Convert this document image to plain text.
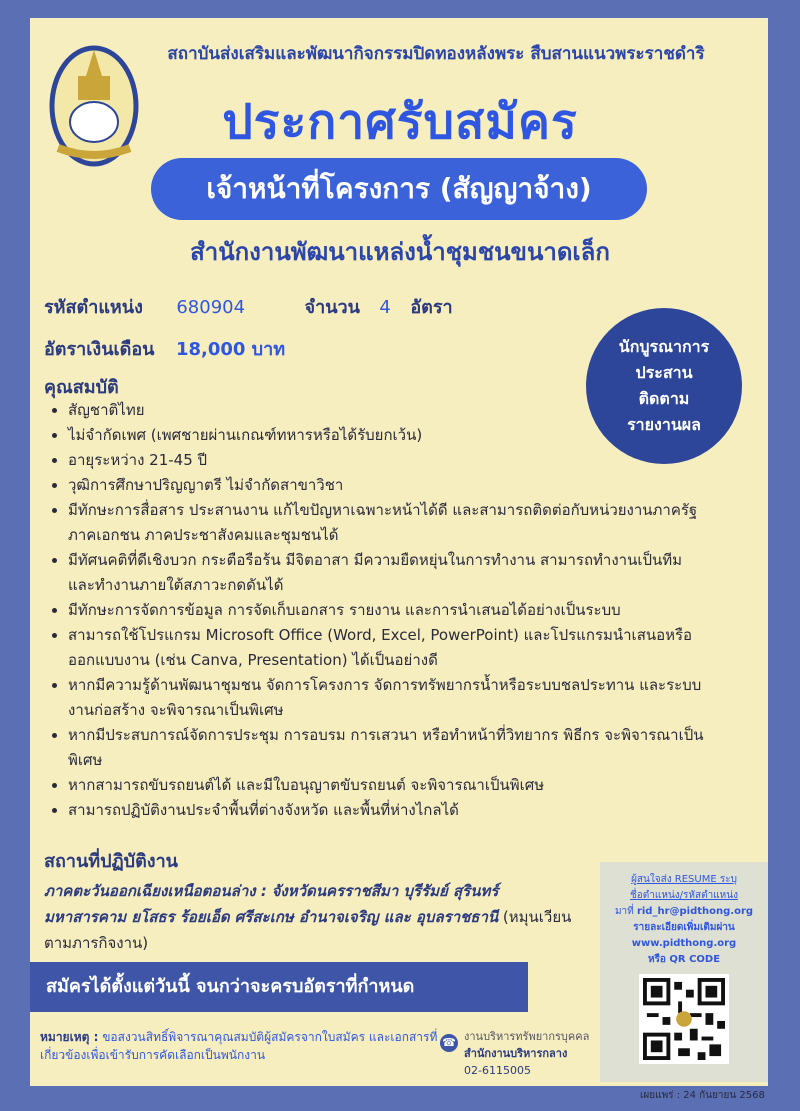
สถาบันส่งเสริมและพัฒนากิจกรรมปิดทองหลังพระ สืบสานแนวพระราชดำริ
ประกาศรับสมัคร
เจ้าหน้าที่โครงการ (สัญญาจ้าง)
สำนักงานพัฒนาแหล่งน้ำชุมชนขนาดเล็ก
รหัสตำแหน่ง 680904	จำนวน 4 อัตรา
อัตราเงินเดือน 18,000 บาท	นักบูรณาการ
ประสาน
ติดตาม
รายงานผล
คุณสมบัติ
• สัญชาติไทย
• ไม่จำกัดเพศ (เพศชายผ่านเกณฑ์ทหารหรือได้รับยกเว้น)
• อายุระหว่าง 21-45 ปี
• วุฒิการศึกษาปริญญาตรี ไม่จำกัดสาขาวิชา
• มีทักษะการสื่อสาร ประสานงาน แก้ไขปัญหาเฉพาะหน้าได้ดี และสามารถติดต่อกับหน่วยงานภาครัฐ ภาคเอกชน ภาคประชาสังคมและชุมชนได้
• มีทัศนคติที่ดีเชิงบวก กระตือรือร้น มีจิตอาสา มีความยืดหยุ่นในการทำงาน สามารถทำงานเป็นทีมและทำงานภายใต้สภาวะกดดันได้
• มีทักษะการจัดการข้อมูล การจัดเก็บเอกสาร รายงาน และการนำเสนอได้อย่างเป็นระบบ
• สามารถใช้โปรแกรม Microsoft Office (Word, Excel, PowerPoint) และโปรแกรมนำเสนอหรือออกแบบงาน (เช่น Canva, Presentation) ได้เป็นอย่างดี
• หากมีความรู้ด้านพัฒนาชุมชน จัดการโครงการ จัดการทรัพยากรน้ำหรือระบบชลประทาน และระบบงานก่อสร้าง จะพิจารณาเป็นพิเศษ
• หากมีประสบการณ์จัดการประชุม การอบรม การเสวนา หรือทำหน้าที่วิทยากร พิธีกร จะพิจารณาเป็นพิเศษ
• หากสามารถขับรถยนต์ได้ และมีใบอนุญาตขับรถยนต์ จะพิจารณาเป็นพิเศษ
• สามารถปฏิบัติงานประจำพื้นที่ต่างจังหวัด และพื้นที่ห่างไกลได้
สถานที่ปฏิบัติงาน
ภาคตะวันออกเฉียงเหนือตอนล่าง : จังหวัดนครราชสีมา บุรีรัมย์ สุรินทร์ มหาสารคาม ยโสธร ร้อยเอ็ด ศรีสะเกษ อำนาจเจริญ และ อุบลราชธานี (หมุนเวียนตามภารกิจงาน)
สมัครได้ตั้งแต่วันนี้ จนกว่าจะครบอัตราที่กำหนด
ผู้สนใจส่ง RESUME ระบุ
ชื่อตำแหน่ง/รหัสตำแหน่ง
มาที่ rid_hr@pidthong.org
รายละเอียดเพิ่มเติมผ่าน
www.pidthong.org
หรือ QR CODE
หมายเหตุ : ขอสงวนสิทธิ์พิจารณาคุณสมบัติผู้สมัครจากใบสมัคร และเอกสารที่เกี่ยวข้องเพื่อเข้ารับการคัดเลือกเป็นพนักงาน
☎ งานบริหารทรัพยากรบุคคล
สำนักงานบริหารกลาง
02-6115005
เผยแพร่ : 24 กันยายน 2568
